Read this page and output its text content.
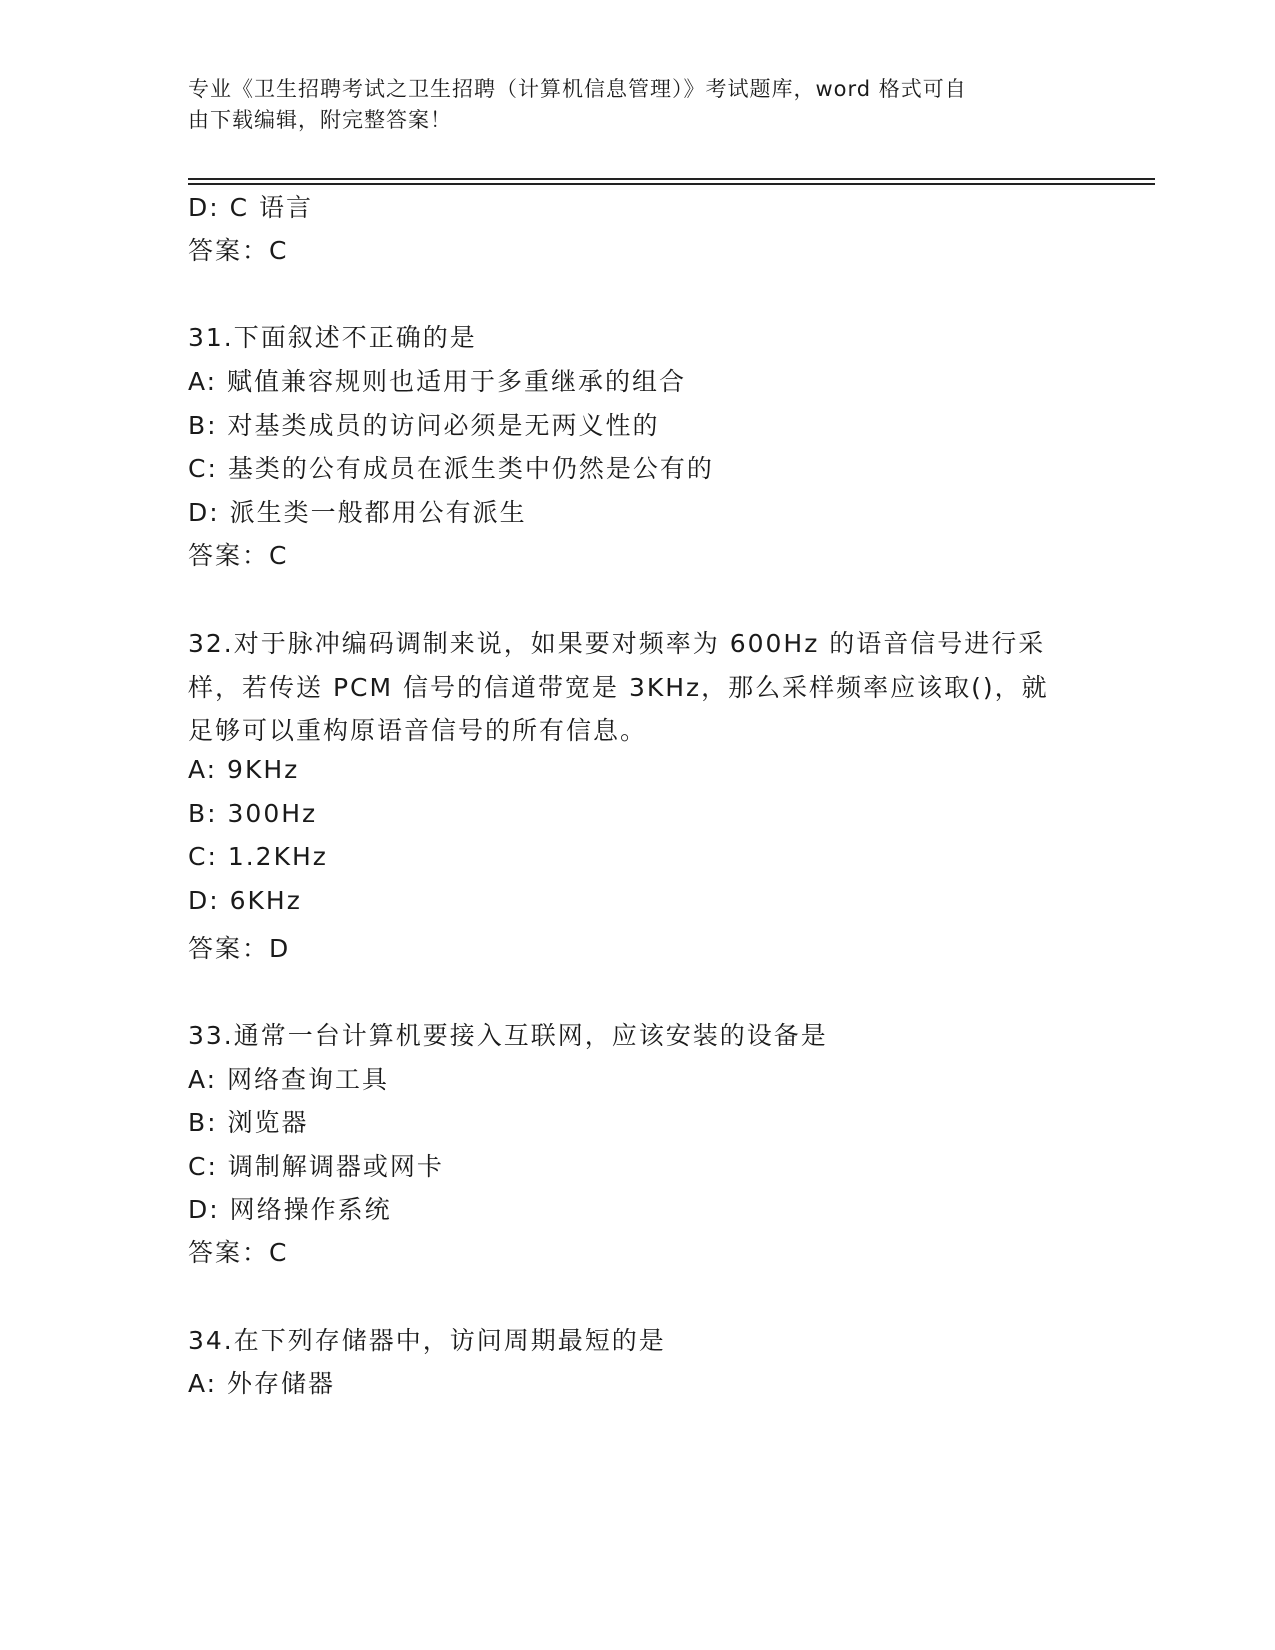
专业《卫生招聘考试之卫生招聘（计算机信息管理）》考试题库，word 格式可自
由下载编辑，附完整答案！
D: C 语言
答案：C
31.下面叙述不正确的是
A: 赋值兼容规则也适用于多重继承的组合
B: 对基类成员的访问必须是无两义性的
C: 基类的公有成员在派生类中仍然是公有的
D: 派生类一般都用公有派生
答案：C
32.对于脉冲编码调制来说，如果要对频率为 600Hz 的语音信号进行采
样，若传送 PCM 信号的信道带宽是 3KHz，那么采样频率应该取()，就
足够可以重构原语音信号的所有信息。
A: 9KHz
B: 300Hz
C: 1.2KHz
D: 6KHz
答案：D
33.通常一台计算机要接入互联网，应该安装的设备是
A: 网络查询工具
B: 浏览器
C: 调制解调器或网卡
D: 网络操作系统
答案：C
34.在下列存储器中，访问周期最短的是
A: 外存储器
